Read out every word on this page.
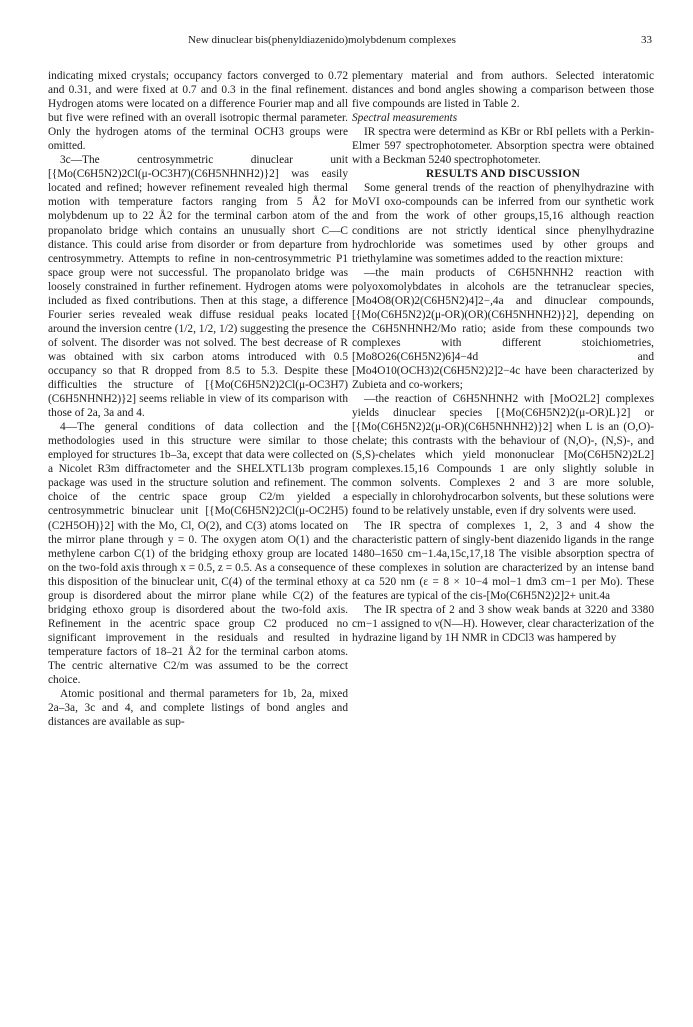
New dinuclear bis(phenyldiazenido)molybdenum complexes	33

indicating mixed crystals; occupancy factors converged to 0.72 and 0.31, and were fixed at 0.7 and 0.3 in the final refinement. Hydrogen atoms were located on a difference Fourier map and all but five were refined with an overall isotropic thermal parameter. Only the hydrogen atoms of the terminal OCH3 groups were omitted.

3c—The centrosymmetric dinuclear unit [{Mo(C6H5N2)2Cl(μ-OC3H7)(C6H5NHNH2)}2] was easily located and refined; however refinement revealed high thermal motion with temperature factors ranging from 5 Å2 for molybdenum up to 22 Å2 for the terminal carbon atom of the propanolato bridge which contains an unusually short C—C distance. This could arise from disorder or from departure from centrosymmetry. Attempts to refine in non-centrosymmetric P1 space group were not successful. The propanolato bridge was loosely constrained in further refinement. Hydrogen atoms were included as fixed contributions. Then at this stage, a difference Fourier series revealed weak diffuse residual peaks located around the inversion centre (1/2, 1/2, 1/2) suggesting the presence of solvent. The disorder was not solved. The best decrease of R was obtained with six carbon atoms introduced with 0.5 occupancy so that R dropped from 8.5 to 5.3. Despite these difficulties the structure of [{Mo(C6H5N2)2Cl(μ-OC3H7)(C6H5NHNH2)}2] seems reliable in view of its comparison with those of 2a, 3a and 4.

4—The general conditions of data collection and the methodologies used in this structure were similar to those employed for structures 1b–3a, except that data were collected on a Nicolet R3m diffractometer and the SHELXTL13b program package was used in the structure solution and refinement. The choice of the centric space group C2/m yielded a centrosymmetric binuclear unit [{Mo(C6H5N2)2Cl(μ-OC2H5)(C2H5OH)}2] with the Mo, Cl, O(2), and C(3) atoms located on the mirror plane through y = 0. The oxygen atom O(1) and the methylene carbon C(1) of the bridging ethoxy group are located on the two-fold axis through x = 0.5, z = 0.5. As a consequence of this disposition of the binuclear unit, C(4) of the terminal ethoxy group is disordered about the mirror plane while C(2) of the bridging ethoxo group is disordered about the two-fold axis. Refinement in the acentric space group C2 produced no significant improvement in the residuals and resulted in temperature factors of 18–21 Å2 for the terminal carbon atoms. The centric alternative C2/m was assumed to be the correct choice.

Atomic positional and thermal parameters for 1b, 2a, mixed 2a–3a, 3c and 4, and complete listings of bond angles and distances are available as sup-

plementary material and from authors. Selected interatomic distances and bond angles showing a comparison between those five compounds are listed in Table 2.

Spectral measurements

IR spectra were determind as KBr or RbI pellets with a Perkin-Elmer 597 spectrophotometer. Absorption spectra were obtained with a Beckman 5240 spectrophotometer.

RESULTS AND DISCUSSION

Some general trends of the reaction of phenylhydrazine with MoVI oxo-compounds can be inferred from our synthetic work and from the work of other groups,15,16 although reaction conditions are not strictly identical since phenylhydrazine hydrochloride was sometimes used by other groups and triethylamine was sometimes added to the reaction mixture:

—the main products of C6H5NHNH2 reaction with polyoxomolybdates in alcohols are the tetranuclear species, [Mo4O8(OR)2(C6H5N2)4]2−,4a and dinuclear compounds, [{Mo(C6H5N2)2(μ-OR)(OR)(C6H5NHNH2)}2], depending on the C6H5NHNH2/Mo ratio; aside from these compounds two complexes with different stoichiometries, [Mo8O26(C6H5N2)6]4−4d and [Mo4O10(OCH3)2(C6H5N2)2]2−4c have been characterized by Zubieta and co-workers;

—the reaction of C6H5NHNH2 with [MoO2L2] complexes yields dinuclear species [{Mo(C6H5N2)2(μ-OR)L}2] or [{Mo(C6H5N2)2(μ-OR)(C6H5NHNH2)}2] when L is an (O,O)-chelate; this contrasts with the behaviour of (N,O)-, (N,S)-, and (S,S)-chelates which yield mononuclear [Mo(C6H5N2)2L2] complexes.15,16 Compounds 1 are only slightly soluble in common solvents. Complexes 2 and 3 are more soluble, especially in chlorohydrocarbon solvents, but these solutions were found to be relatively unstable, even if dry solvents were used.

The IR spectra of complexes 1, 2, 3 and 4 show the characteristic pattern of singly-bent diazenido ligands in the range 1480–1650 cm−1.4a,15c,17,18 The visible absorption spectra of these complexes in solution are characterized by an intense band at ca 520 nm (ε = 8 × 10−4 mol−1 dm3 cm−1 per Mo). These features are typical of the cis-[Mo(C6H5N2)2]2+ unit.4a

The IR spectra of 2 and 3 show weak bands at 3220 and 3380 cm−1 assigned to ν(N—H). However, clear characterization of the hydrazine ligand by 1H NMR in CDCl3 was hampered by
